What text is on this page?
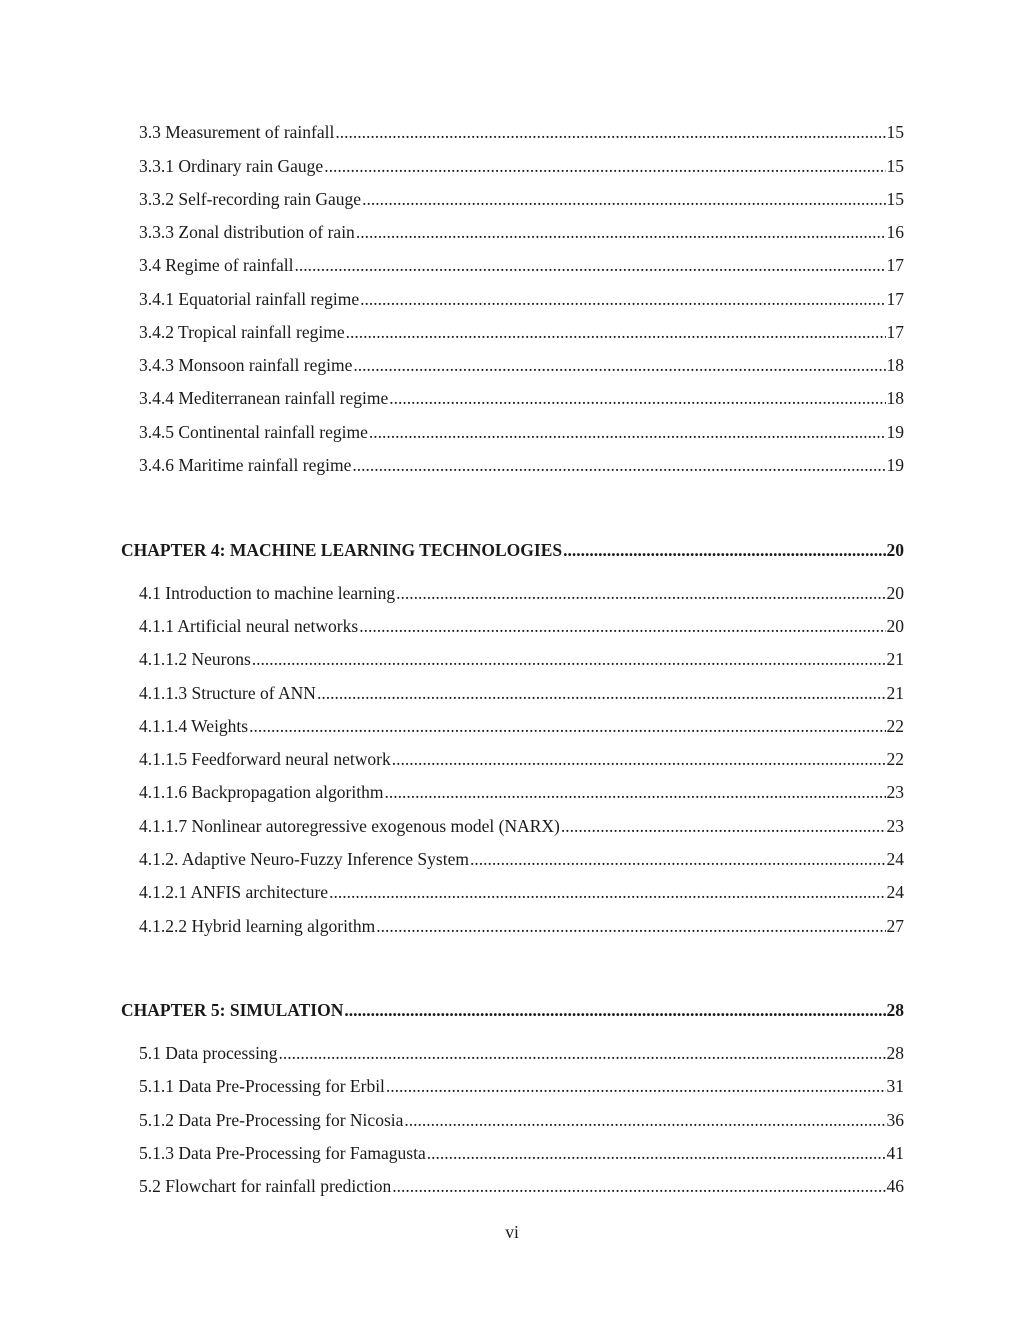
3.3 Measurement of rainfall .....	15
3.3.1 Ordinary rain Gauge .....	15
3.3.2 Self-recording rain Gauge .....	15
3.3.3 Zonal distribution of rain .....	16
3.4 Regime of rainfall .....	17
3.4.1 Equatorial rainfall regime .....	17
3.4.2 Tropical rainfall regime .....	17
3.4.3 Monsoon rainfall regime .....	18
3.4.4 Mediterranean rainfall regime .....	18
3.4.5 Continental rainfall regime .....	19
3.4.6 Maritime rainfall regime .....	19
CHAPTER 4: MACHINE LEARNING TECHNOLOGIES .....	20
4.1 Introduction to machine learning .....	20
4.1.1 Artificial neural networks .....	20
4.1.1.2 Neurons .....	21
4.1.1.3 Structure of ANN .....	21
4.1.1.4 Weights .....	22
4.1.1.5 Feedforward neural network .....	22
4.1.1.6 Backpropagation algorithm .....	23
4.1.1.7 Nonlinear autoregressive exogenous model (NARX) .....	23
4.1.2. Adaptive Neuro-Fuzzy Inference System .....	24
4.1.2.1 ANFIS architecture .....	24
4.1.2.2 Hybrid learning algorithm .....	27
CHAPTER 5: SIMULATION .....	28
5.1 Data processing .....	28
5.1.1 Data Pre-Processing for Erbil .....	31
5.1.2 Data Pre-Processing for Nicosia .....	36
5.1.3 Data Pre-Processing for Famagusta .....	41
5.2 Flowchart for rainfall prediction .....	46
vi
